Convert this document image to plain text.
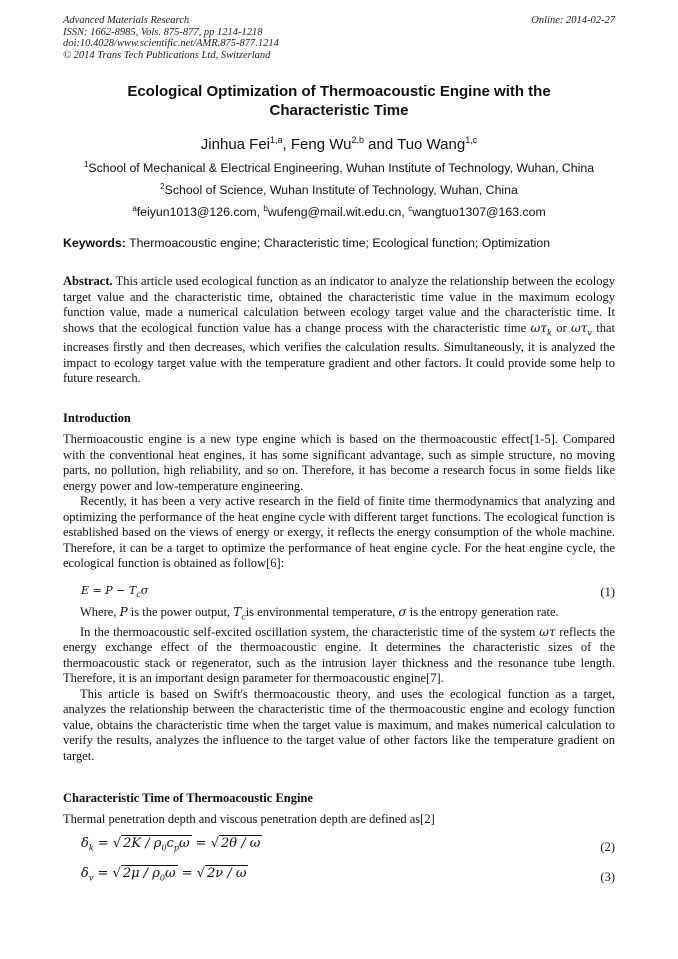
Advanced Materials Research
ISSN: 1662-8985, Vols. 875-877, pp 1214-1218
doi:10.4028/www.scientific.net/AMR.875-877.1214
© 2014 Trans Tech Publications Ltd, Switzerland
Online: 2014-02-27
Ecological Optimization of Thermoacoustic Engine with the
Characteristic Time
Jinhua Fei$^{1,a}$, Feng Wu$^{2,b}$ and Tuo Wang$^{1,c}$
$^1$School of Mechanical & Electrical Engineering, Wuhan Institute of Technology, Wuhan, China
$^2$School of Science, Wuhan Institute of Technology, Wuhan, China
$^a$feiyun1013@126.com, $^b$wufeng@mail.wit.edu.cn, $^c$wangtuo1307@163.com
Keywords: Thermoacoustic engine; Characteristic time; Ecological function; Optimization

Abstract. This article used ecological function as an indicator to analyze the relationship between the ecology target value and the characteristic time, obtained the characteristic time value in the maximum ecology function value, made a numerical calculation between ecology target value and the characteristic time. It shows that the ecological function value has a change process with the characteristic time $\omega\tau_k$ or $\omega\tau_v$ that increases firstly and then decreases, which verifies the calculation results. Simultaneously, it is analyzed the impact to ecology target value with the temperature gradient and other factors. It could provide some help to future research.

Introduction

Thermoacoustic engine is a new type engine which is based on the thermoacoustic effect[1-5]. Compared with the conventional heat engines, it has some significant advantage, such as simple structure, no moving parts, no pollution, high reliability, and so on. Therefore, it has become a research focus in some fields like energy power and low-temperature engineering.

Recently, it has been a very active research in the field of finite time thermodynamics that analyzing and optimizing the performance of the heat engine cycle with different target functions. The ecological function is established based on the views of energy or exergy, it reflects the energy consumption of the whole machine. Therefore, it can be a target to optimize the performance of heat engine cycle. For the heat engine cycle, the ecological function is obtained as follow[6]:

$E = P - T_c\sigma$	(1)

Where, P is the power output, $T_cis$ environmental temperature, σ is the entropy generation rate.

In the thermoacoustic self-excited oscillation system, the characteristic time of the system ωτ reflects the energy exchange effect of the thermoacoustic engine. It determines the characteristic sizes of the thermoacoustic stack or regenerator, such as the intrusion layer thickness and the resonance tube length. Therefore, it is an important design parameter for thermoacoustic engine[7].

This article is based on Swift's thermoacoustic theory, and uses the ecological function as a target, analyzes the relationship between the characteristic time of the thermoacoustic engine and ecology function value, obtains the characteristic time when the target value is maximum, and makes numerical calculation to verify the results, analyzes the influence to the target value of other factors like the temperature gradient on target.

Characteristic Time of Thermoacoustic Engine

Thermal penetration depth and viscous penetration depth are defined as[2]

$\delta_k$ = √ $2K / \rho_0c_p\omega$ = √ 2θ / ω	(2)
$\delta_v$ = √ $2\mu / \rho_0\omega$ = √ 2ν / ω	(3)
